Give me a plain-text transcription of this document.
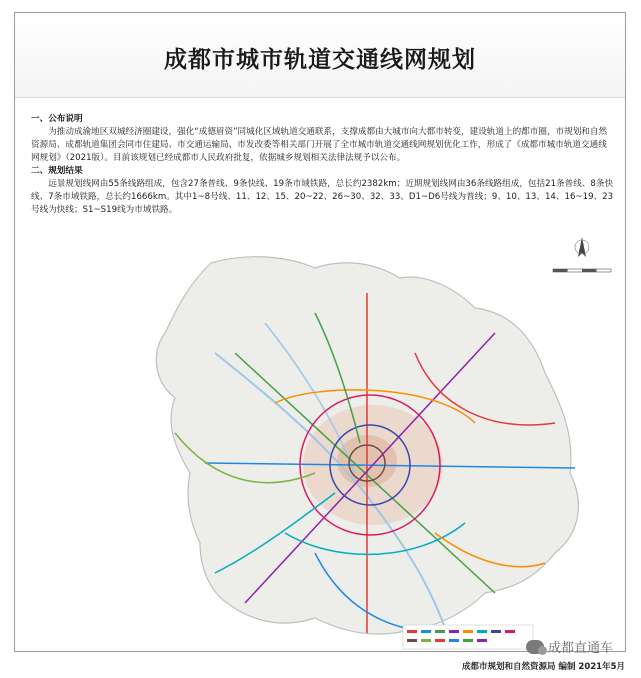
成都市城市轨道交通线网规划
一、公布说明
为推动成渝地区双城经济圈建设，强化“成德眉资”同城化区域轨道交通联系，支撑成都由大城市向大都市转变，建设轨道上的都市圈，市规划和自然资源局、成都轨道集团会同市住建局、市交通运输局、市发改委等相关部门开展了全市城市轨道交通线网规划优化工作，形成了《成都市城市轨道交通线网规划》（2021版）。目前该规划已经成都市人民政府批复，依据城乡规划相关法律法规予以公布。
二、规划结果
远景规划线网由55条线路组成，包含27条普线、9条快线、19条市域铁路，总长约2382km；近期规划线网由36条线路组成，包括21条普线、8条快线、7条市域铁路，总长约1666km。其中1~8号线、11、12、15、20~22、26~30、32、33、D1~D6号线为普线；9、10、13、14、16~19、23号线为快线；S1~S19线为市域铁路。
成都直通车
成都市规划和自然资源局 编制 2021年5月
